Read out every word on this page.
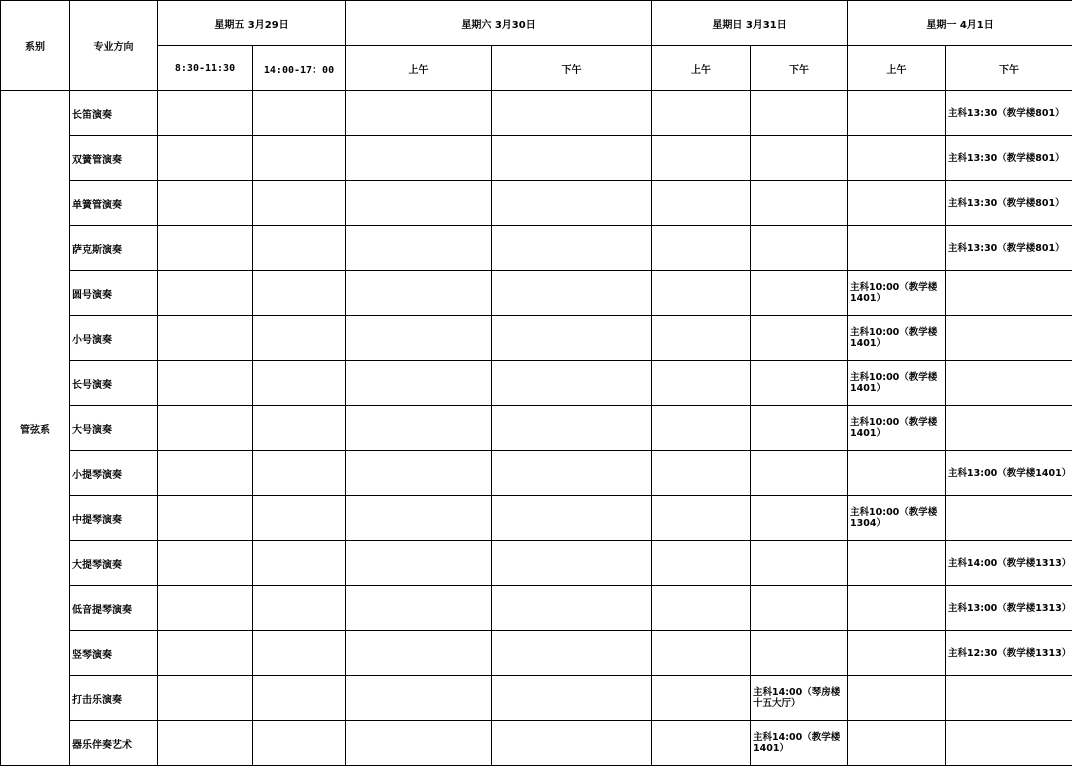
系别	专业方向	星期五 3月29日		星期六 3月30日		星期日 3月31日		星期一 4月1日	
		8:30-11:30	14:00-17：00	上午	下午	上午	下午	上午	下午
管弦系	长笛演奏								主科13:30（教学楼801）
	双簧管演奏								主科13:30（教学楼801）
	单簧管演奏								主科13:30（教学楼801）
	萨克斯演奏								主科13:30（教学楼801）
	圆号演奏							主科10:00（教学楼1401）	
	小号演奏							主科10:00（教学楼1401）	
	长号演奏							主科10:00（教学楼1401）	
	大号演奏							主科10:00（教学楼1401）	
	小提琴演奏								主科13:00（教学楼1401）
	中提琴演奏							主科10:00（教学楼1304）	
	大提琴演奏								主科14:00（教学楼1313）
	低音提琴演奏								主科13:00（教学楼1313）
	竖琴演奏								主科12:30（教学楼1313）
	打击乐演奏						主科14:00（琴房楼十五大厅）		
	器乐伴奏艺术						主科14:00（教学楼1401）		
